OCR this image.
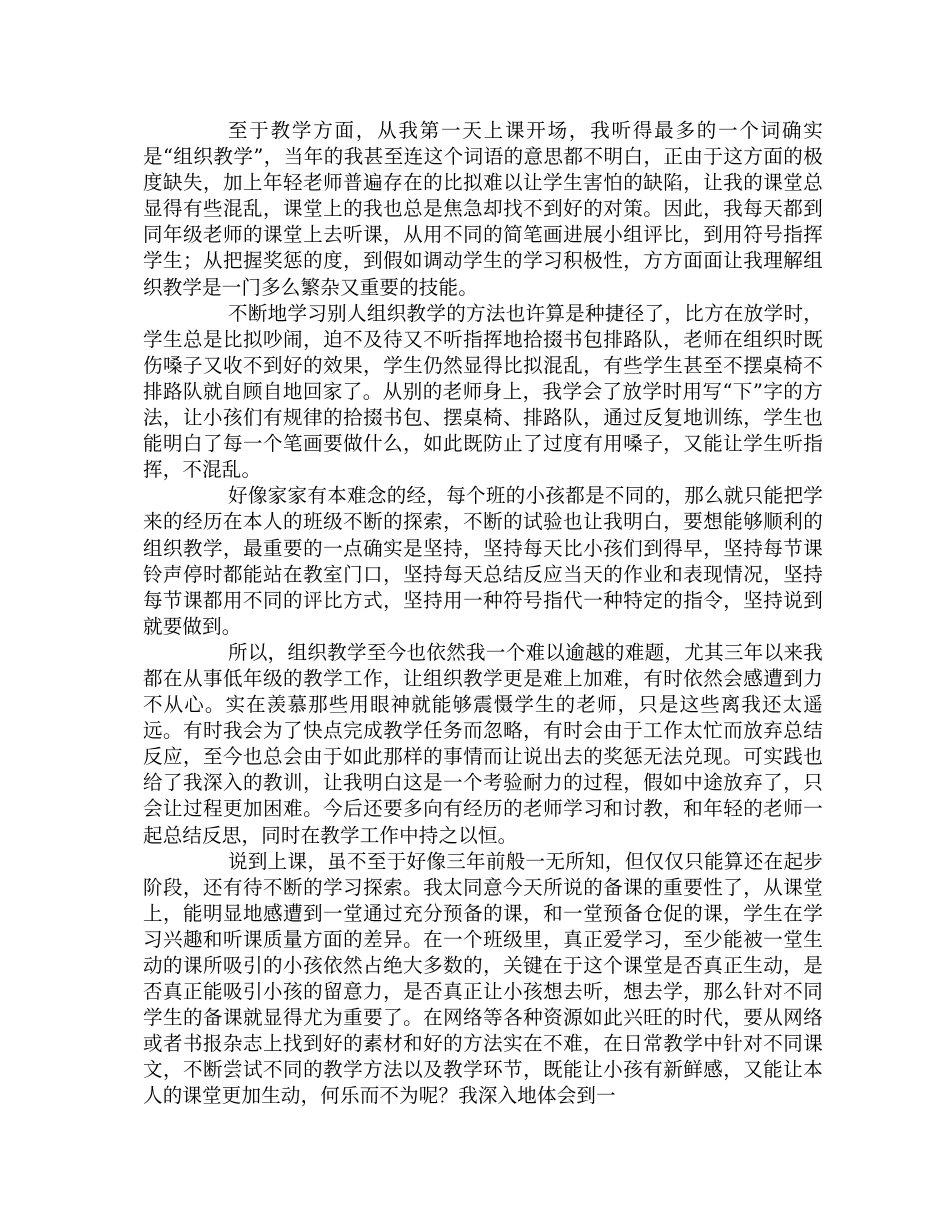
至于教学方面，从我第一天上课开场，我听得最多的一个词确实是“组织教学”，当年的我甚至连这个词语的意思都不明白，正由于这方面的极度缺失，加上年轻老师普遍存在的比拟难以让学生害怕的缺陷，让我的课堂总显得有些混乱，课堂上的我也总是焦急却找不到好的对策。因此，我每天都到同年级老师的课堂上去听课，从用不同的简笔画进展小组评比，到用符号指挥学生；从把握奖惩的度，到假如调动学生的学习积极性，方方面面让我理解组织教学是一门多么繁杂又重要的技能。

不断地学习别人组织教学的方法也许算是种捷径了，比方在放学时，学生总是比拟吵闹，迫不及待又不听指挥地拾掇书包排路队，老师在组织时既伤嗓子又收不到好的效果，学生仍然显得比拟混乱，有些学生甚至不摆桌椅不排路队就自顾自地回家了。从别的老师身上，我学会了放学时用写“下”字的方法，让小孩们有规律的拾掇书包、摆桌椅、排路队，通过反复地训练，学生也能明白了每一个笔画要做什么，如此既防止了过度有用嗓子，又能让学生听指挥，不混乱。

好像家家有本难念的经，每个班的小孩都是不同的，那么就只能把学来的经历在本人的班级不断的探索，不断的试验也让我明白，要想能够顺利的组织教学，最重要的一点确实是坚持，坚持每天比小孩们到得早，坚持每节课铃声停时都能站在教室门口，坚持每天总结反应当天的作业和表现情况，坚持每节课都用不同的评比方式，坚持用一种符号指代一种特定的指令，坚持说到就要做到。

所以，组织教学至今也依然我一个难以逾越的难题，尤其三年以来我都在从事低年级的教学工作，让组织教学更是难上加难，有时依然会感遭到力不从心。实在羡慕那些用眼神就能够震慑学生的老师，只是这些离我还太遥远。有时我会为了快点完成教学任务而忽略，有时会由于工作太忙而放弃总结反应，至今也总会由于如此那样的事情而让说出去的奖惩无法兑现。可实践也给了我深入的教训，让我明白这是一个考验耐力的过程，假如中途放弃了，只会让过程更加困难。今后还要多向有经历的老师学习和讨教，和年轻的老师一起总结反思，同时在教学工作中持之以恒。

说到上课，虽不至于好像三年前般一无所知，但仅仅只能算还在起步阶段，还有待不断的学习探索。我太同意今天所说的备课的重要性了，从课堂上，能明显地感遭到一堂通过充分预备的课，和一堂预备仓促的课，学生在学习兴趣和听课质量方面的差异。在一个班级里，真正爱学习，至少能被一堂生动的课所吸引的小孩依然占绝大多数的，关键在于这个课堂是否真正生动，是否真正能吸引小孩的留意力，是否真正让小孩想去听，想去学，那么针对不同学生的备课就显得尤为重要了。在网络等各种资源如此兴旺的时代，要从网络或者书报杂志上找到好的素材和好的方法实在不难，在日常教学中针对不同课文，不断尝试不同的教学方法以及教学环节，既能让小孩有新鲜感，又能让本人的课堂更加生动，何乐而不为呢？我深入地体会到一
